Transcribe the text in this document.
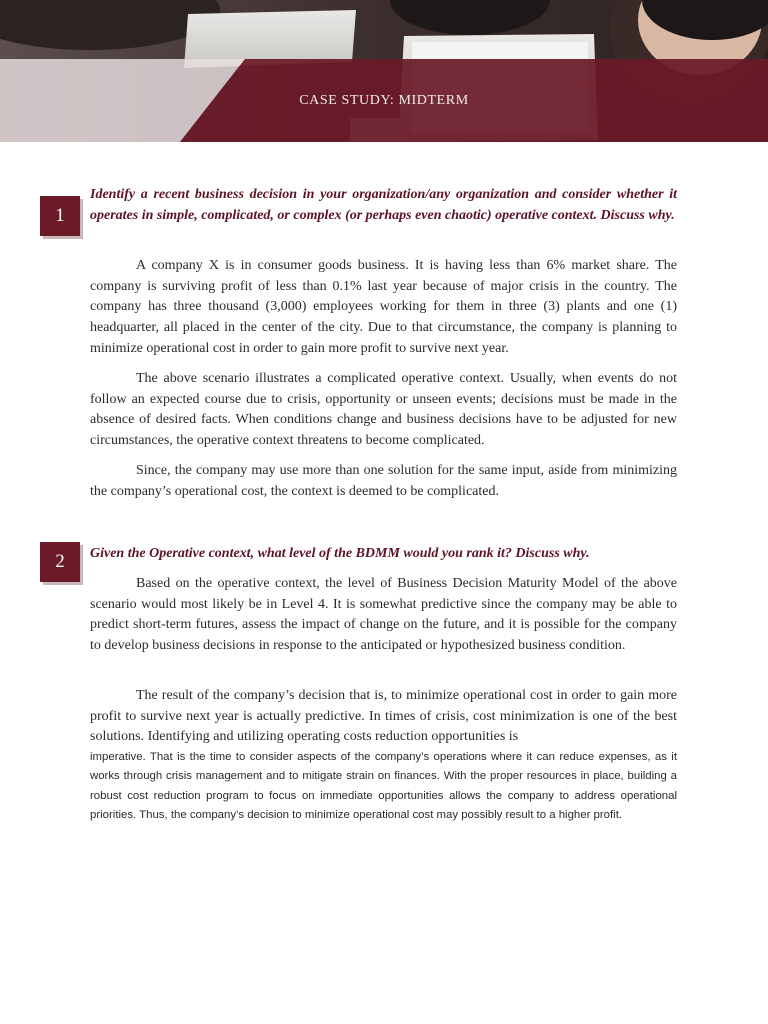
CASE STUDY: MIDTERM
1
Identify a recent business decision in your organization/any organization and consider whether it operates in simple, complicated, or complex (or perhaps even chaotic) operative context. Discuss why.

A company X is in consumer goods business. It is having less than 6% market share. The company is surviving profit of less than 0.1% last year because of major crisis in the country. The company has three thousand (3,000) employees working for them in three (3) plants and one (1) headquarter, all placed in the center of the city. Due to that circumstance, the company is planning to minimize operational cost in order to gain more profit to survive next year.

The above scenario illustrates a complicated operative context. Usually, when events do not follow an expected course due to crisis, opportunity or unseen events; decisions must be made in the absence of desired facts. When conditions change and business decisions have to be adjusted for new circumstances, the operative context threatens to become complicated.

Since, the company may use more than one solution for the same input, aside from minimizing the company’s operational cost, the context is deemed to be complicated.

2	Given the Operative context, what level of the BDMM would you rank it? Discuss why.

Based on the operative context, the level of Business Decision Maturity Model of the above scenario would most likely be in Level 4. It is somewhat predictive since the company may be able to predict short-term futures, assess the impact of change on the future, and it is possible for the company to develop business decisions in response to the anticipated or hypothesized business condition.

The result of the company’s decision that is, to minimize operational cost in order to gain more profit to survive next year is actually predictive. In times of crisis, cost minimization is one of the best solutions. Identifying and utilizing operating costs reduction opportunities is

imperative. That is the time to consider aspects of the company’s operations where it can reduce expenses, as it works through crisis management and to mitigate strain on finances. With the proper resources in place, building a robust cost reduction program to focus on immediate opportunities allows the company to address operational priorities. Thus, the company’s decision to minimize operational cost may possibly result to a higher profit.
